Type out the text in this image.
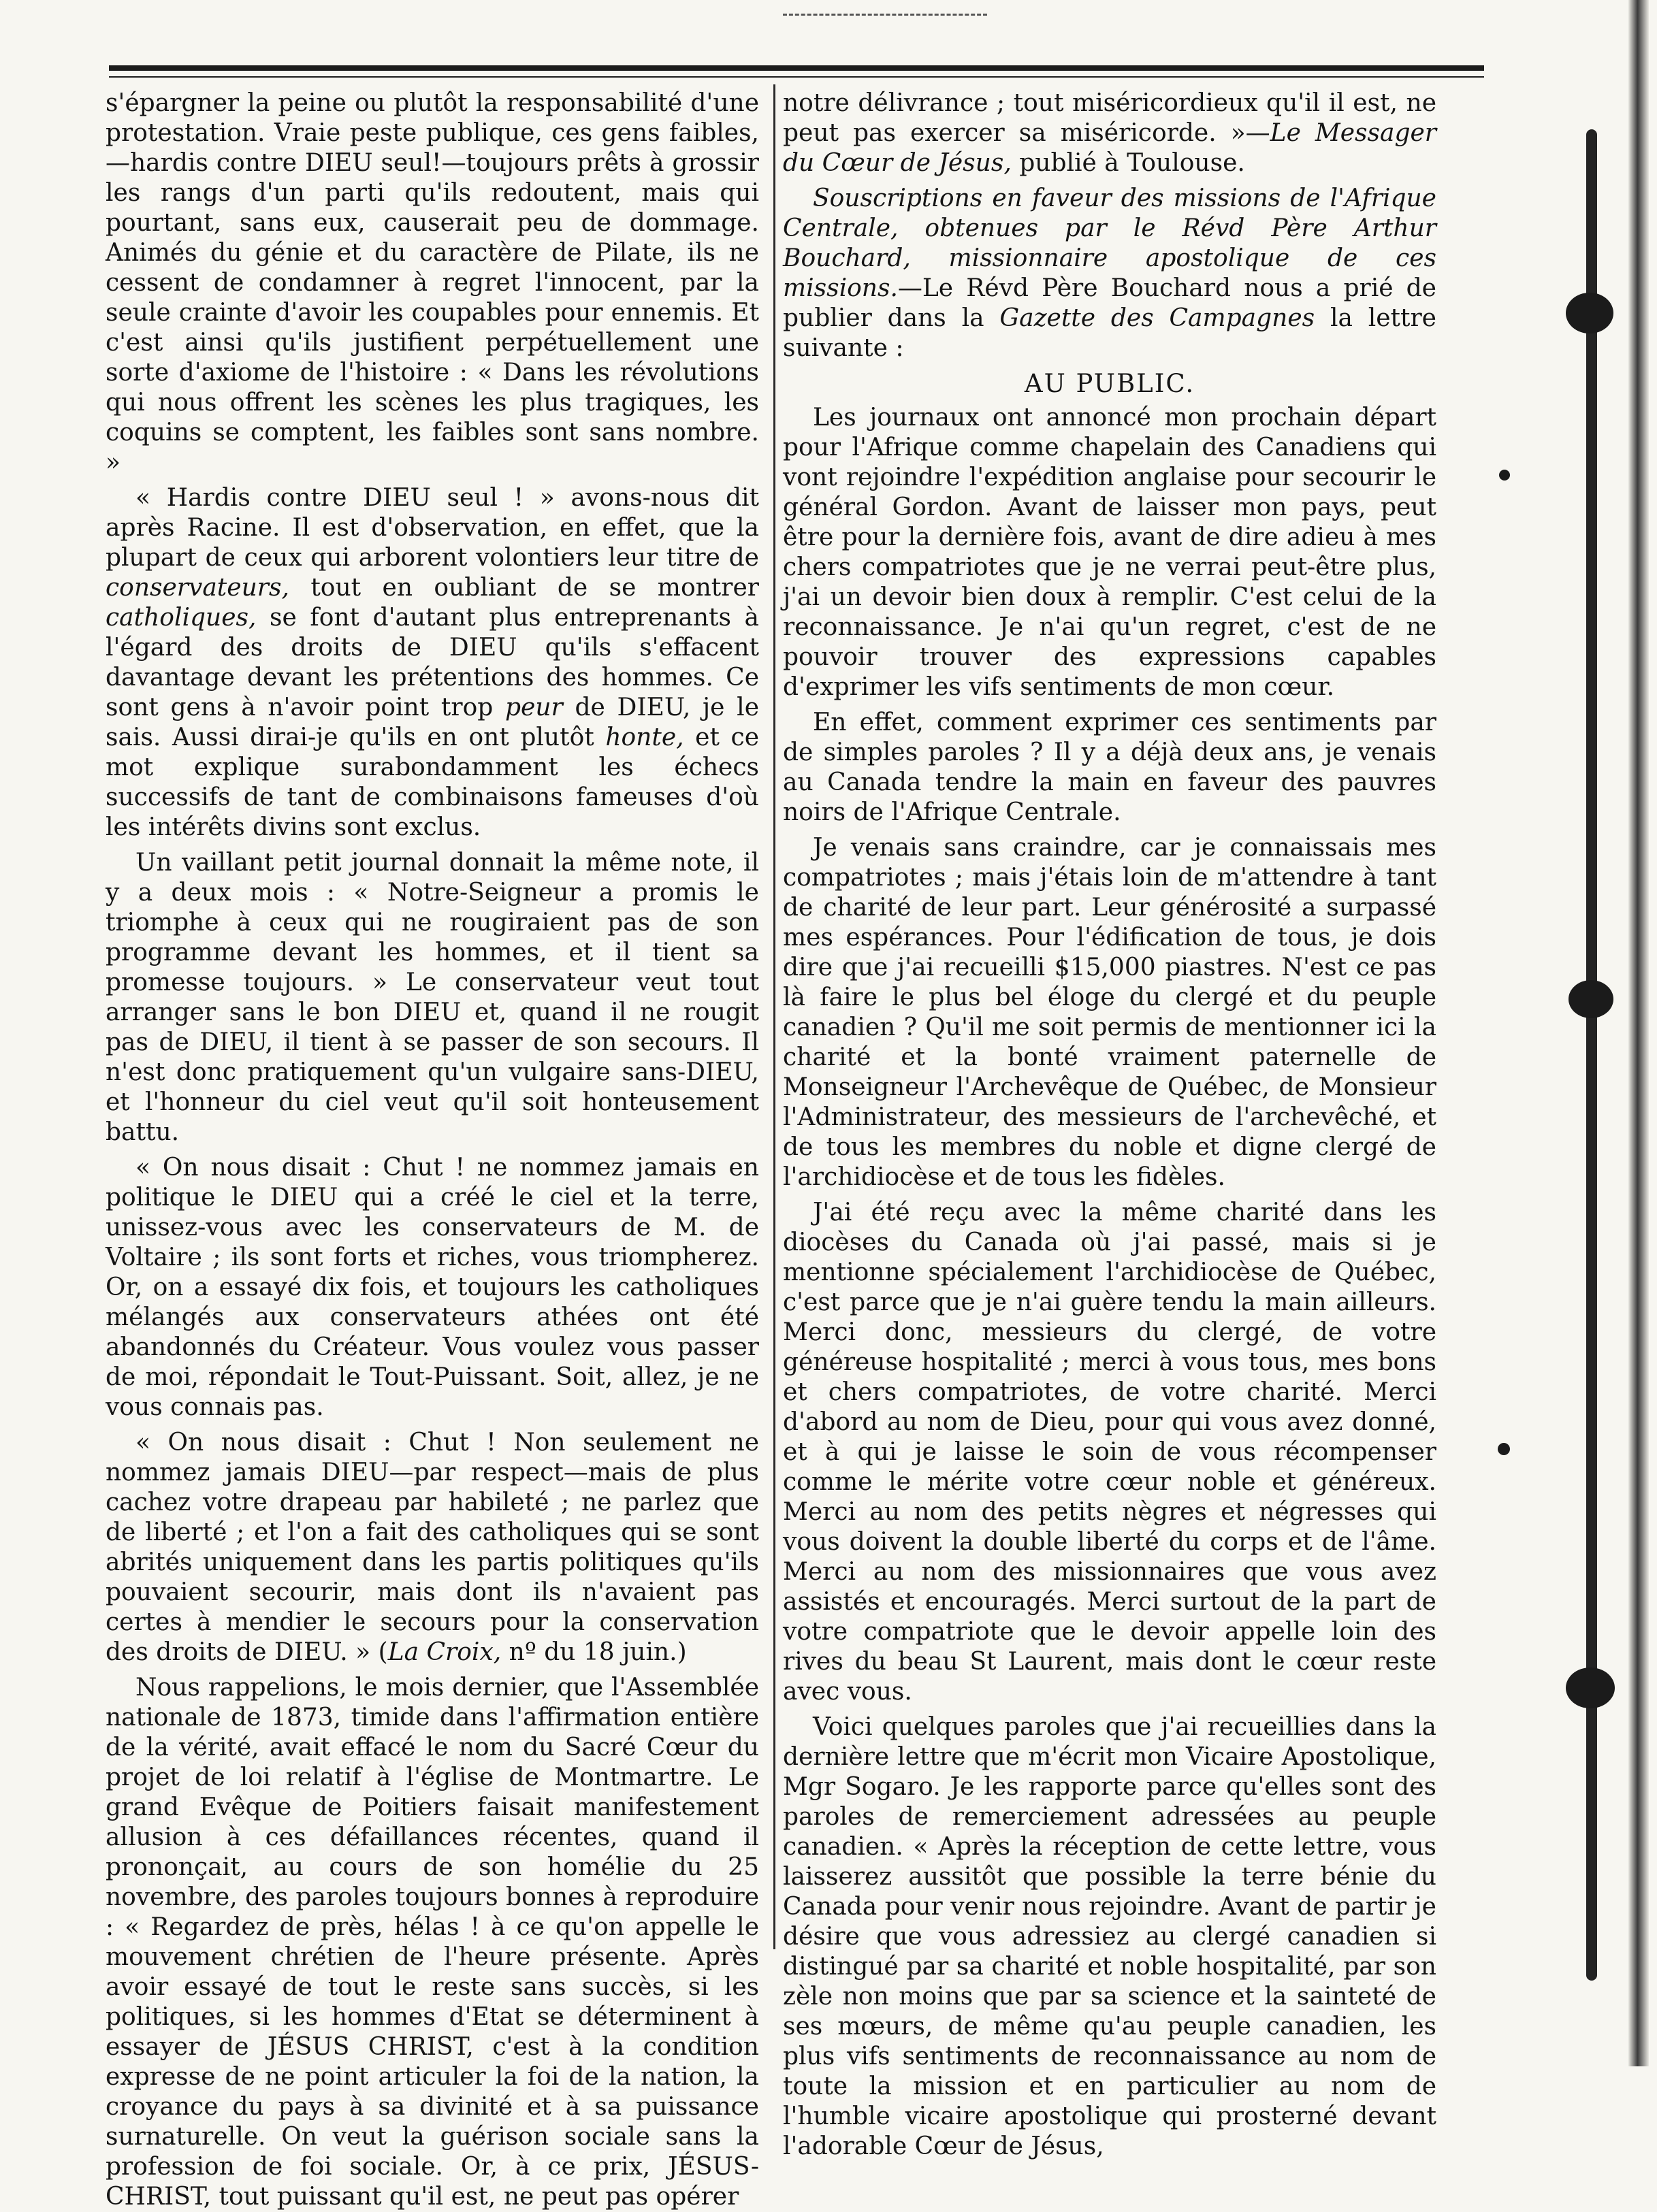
s'épargner la peine ou plutôt la responsabilité d'une protestation. Vraie peste publique, ces gens faibles, —hardis contre DIEU seul!—toujours prêts à grossir les rangs d'un parti qu'ils redoutent, mais qui pourtant, sans eux, causerait peu de dommage. Animés du génie et du caractère de Pilate, ils ne cessent de condamner à regret l'innocent, par la seule crainte d'avoir les coupables pour ennemis. Et c'est ainsi qu'ils justifient perpétuellement une sorte d'axiome de l'histoire : « Dans les révolutions qui nous offrent les scènes les plus tragiques, les coquins se comptent, les faibles sont sans nombre. »

« Hardis contre DIEU seul ! » avons-nous dit après Racine. Il est d'observation, en effet, que la plupart de ceux qui arborent volontiers leur titre de conservateurs, tout en oubliant de se montrer catholiques, se font d'autant plus entreprenants à l'égard des droits de DIEU qu'ils s'effacent davantage devant les prétentions des hommes. Ce sont gens à n'avoir point trop peur de DIEU, je le sais. Aussi dirai-je qu'ils en ont plutôt honte, et ce mot explique surabondamment les échecs successifs de tant de combinaisons fameuses d'où les intérêts divins sont exclus.

Un vaillant petit journal donnait la même note, il y a deux mois : « Notre-Seigneur a promis le triomphe à ceux qui ne rougiraient pas de son programme devant les hommes, et il tient sa promesse toujours. » Le conservateur veut tout arranger sans le bon DIEU et, quand il ne rougit pas de DIEU, il tient à se passer de son secours. Il n'est donc pratiquement qu'un vulgaire sans-DIEU, et l'honneur du ciel veut qu'il soit honteusement battu.

« On nous disait : Chut ! ne nommez jamais en politique le DIEU qui a créé le ciel et la terre, unissez-vous avec les conservateurs de M. de Voltaire ; ils sont forts et riches, vous triompherez. Or, on a essayé dix fois, et toujours les catholiques mélangés aux conservateurs athées ont été abandonnés du Créateur. Vous voulez vous passer de moi, répondait le Tout-Puissant. Soit, allez, je ne vous connais pas.

« On nous disait : Chut ! Non seulement ne nommez jamais DIEU—par respect—mais de plus cachez votre drapeau par habileté ; ne parlez que de liberté ; et l'on a fait des catholiques qui se sont abrités uniquement dans les partis politiques qu'ils pouvaient secourir, mais dont ils n'avaient pas certes à mendier le secours pour la conservation des droits de DIEU. » (La Croix, nº du 18 juin.)

Nous rappelions, le mois dernier, que l'Assemblée nationale de 1873, timide dans l'affirmation entière de la vérité, avait effacé le nom du Sacré Cœur du projet de loi relatif à l'église de Montmartre. Le grand Evêque de Poitiers faisait manifestement allusion à ces défaillances récentes, quand il prononçait, au cours de son homélie du 25 novembre, des paroles toujours bonnes à reproduire : « Regardez de près, hélas ! à ce qu'on appelle le mouvement chrétien de l'heure présente. Après avoir essayé de tout le reste sans succès, si les politiques, si les hommes d'Etat se déterminent à essayer de JÉSUS CHRIST, c'est à la condition expresse de ne point articuler la foi de la nation, la croyance du pays à sa divinité et à sa puissance surnaturelle. On veut la guérison sociale sans la profession de foi sociale. Or, à ce prix, JÉSUS-CHRIST, tout puissant qu'il est, ne peut pas opérer

notre délivrance ; tout miséricordieux qu'il il est, ne peut pas exercer sa miséricorde. »—Le Messager du Cœur de Jésus, publié à Toulouse.

Souscriptions en faveur des missions de l'Afrique Centrale, obtenues par le Révd Père Arthur Bouchard, missionnaire apostolique de ces missions.—Le Révd Père Bouchard nous a prié de publier dans la Gazette des Campagnes la lettre suivante :

AU PUBLIC.

Les journaux ont annoncé mon prochain départ pour l'Afrique comme chapelain des Canadiens qui vont rejoindre l'expédition anglaise pour secourir le général Gordon. Avant de laisser mon pays, peut être pour la dernière fois, avant de dire adieu à mes chers compatriotes que je ne verrai peut-être plus, j'ai un devoir bien doux à remplir. C'est celui de la reconnaissance. Je n'ai qu'un regret, c'est de ne pouvoir trouver des expressions capables d'exprimer les vifs sentiments de mon cœur.

En effet, comment exprimer ces sentiments par de simples paroles ? Il y a déjà deux ans, je venais au Canada tendre la main en faveur des pauvres noirs de l'Afrique Centrale.

Je venais sans craindre, car je connaissais mes compatriotes ; mais j'étais loin de m'attendre à tant de charité de leur part. Leur générosité a surpassé mes espérances. Pour l'édification de tous, je dois dire que j'ai recueilli $15,000 piastres. N'est ce pas là faire le plus bel éloge du clergé et du peuple canadien ? Qu'il me soit permis de mentionner ici la charité et la bonté vraiment paternelle de Monseigneur l'Archevêque de Québec, de Monsieur l'Administrateur, des messieurs de l'archevêché, et de tous les membres du noble et digne clergé de l'archidiocèse et de tous les fidèles.

J'ai été reçu avec la même charité dans les diocèses du Canada où j'ai passé, mais si je mentionne spécialement l'archidiocèse de Québec, c'est parce que je n'ai guère tendu la main ailleurs. Merci donc, messieurs du clergé, de votre généreuse hospitalité ; merci à vous tous, mes bons et chers compatriotes, de votre charité. Merci d'abord au nom de Dieu, pour qui vous avez donné, et à qui je laisse le soin de vous récompenser comme le mérite votre cœur noble et généreux. Merci au nom des petits nègres et négresses qui vous doivent la double liberté du corps et de l'âme. Merci au nom des missionnaires que vous avez assistés et encouragés. Merci surtout de la part de votre compatriote que le devoir appelle loin des rives du beau St Laurent, mais dont le cœur reste avec vous.

Voici quelques paroles que j'ai recueillies dans la dernière lettre que m'écrit mon Vicaire Apostolique, Mgr Sogaro. Je les rapporte parce qu'elles sont des paroles de remerciement adressées au peuple canadien. « Après la réception de cette lettre, vous laisserez aussitôt que possible la terre bénie du Canada pour venir nous rejoindre. Avant de partir je désire que vous adressiez au clergé canadien si distingué par sa charité et noble hospitalité, par son zèle non moins que par sa science et la sainteté de ses mœurs, de même qu'au peuple canadien, les plus vifs sentiments de reconnaissance au nom de toute la mission et en particulier au nom de l'humble vicaire apostolique qui prosterné devant l'adorable Cœur de Jésus,
